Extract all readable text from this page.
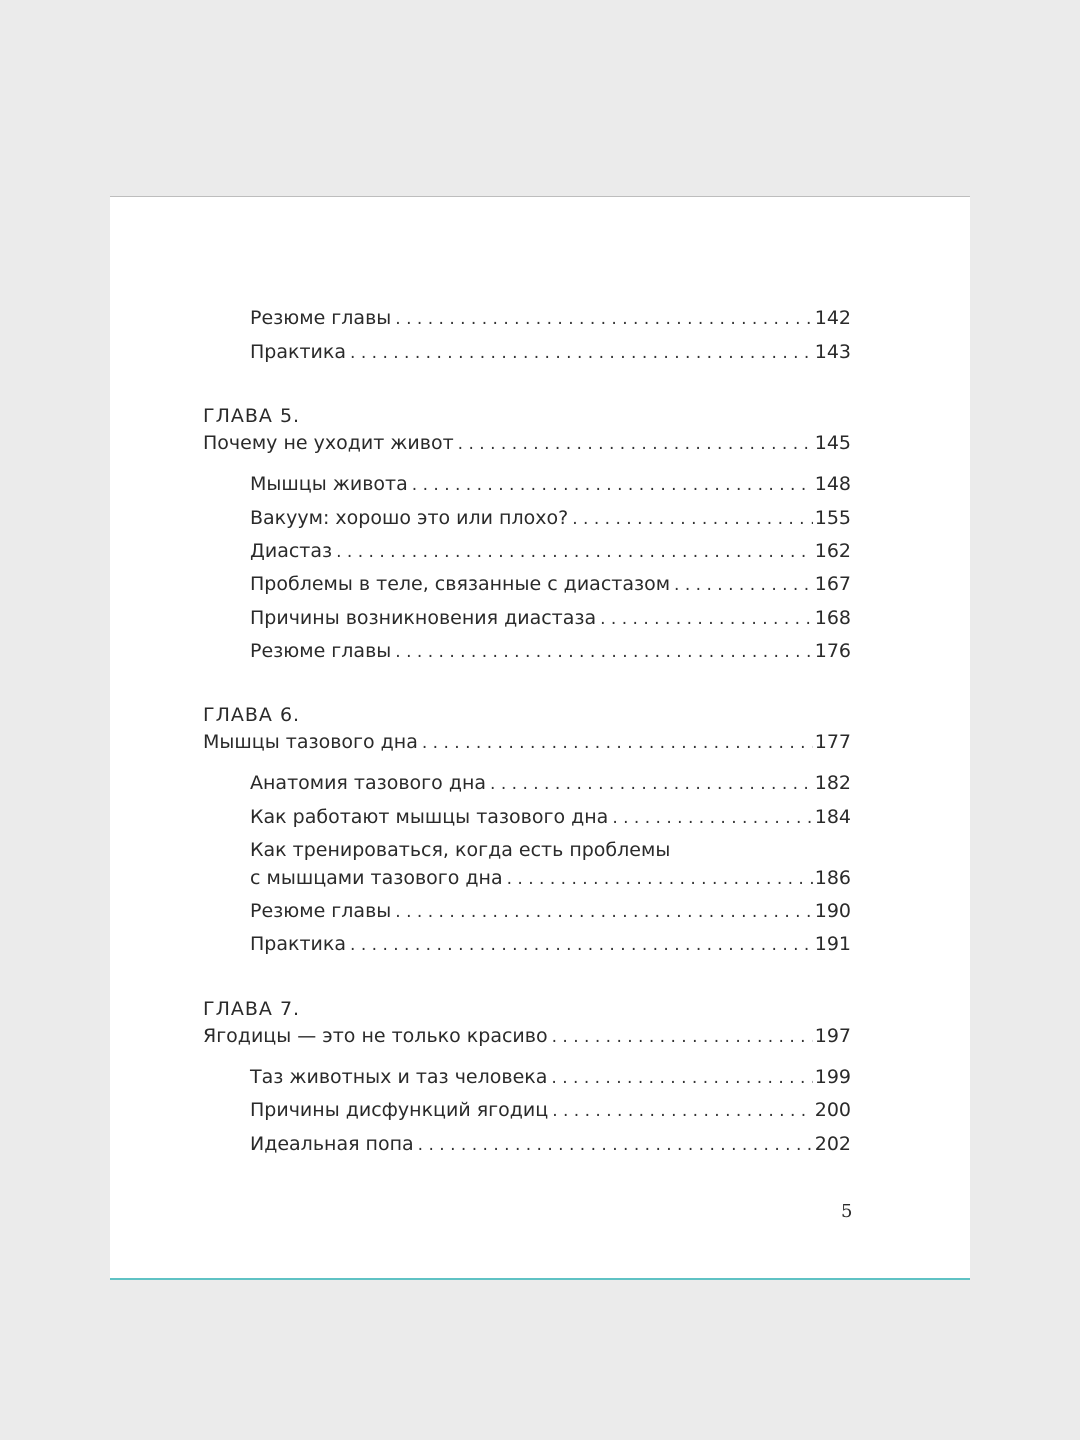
Резюме главы . . .	142
Практика . . .	143
ГЛАВА 5.
Почему не уходит живот . . .	145
Мышцы живота . . .	148
Вакуум: хорошо это или плохо? . . .	155
Диастаз . . .	162
Проблемы в теле, связанные с диастазом . . .	167
Причины возникновения диастаза . . .	168
Резюме главы . . .	176
ГЛАВА 6.
Мышцы тазового дна . . .	177
Анатомия тазового дна . . .	182
Как работают мышцы тазового дна . . .	184
Как тренироваться, когда есть проблемы
с мышцами тазового дна . . .	186
Резюме главы . . .	190
Практика . . .	191
ГЛАВА 7.
Ягодицы — это не только красиво . . .	197
Таз животных и таз человека . . .	199
Причины дисфункций ягодиц . . .	200
Идеальная попа . . .	202
5
